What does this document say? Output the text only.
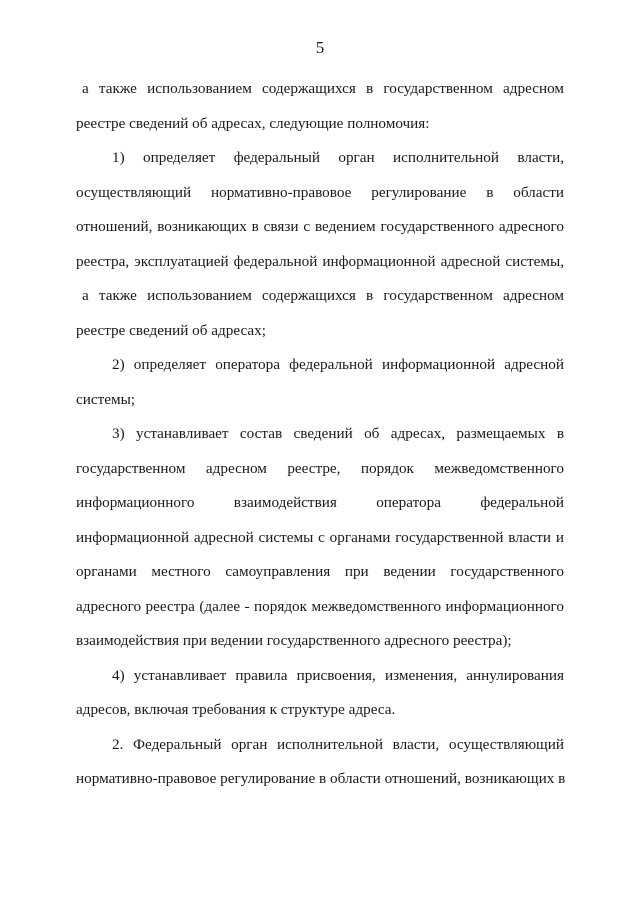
5
а также использованием содержащихся в государственном адресном
реестре сведений об адресах, следующие полномочия:
1) определяет федеральный орган исполнительной власти,
осуществляющий нормативно-правовое регулирование в области
отношений, возникающих в связи с ведением государственного адресного
реестра, эксплуатацией федеральной информационной адресной системы,
а также использованием содержащихся в государственном адресном
реестре сведений об адресах;
2) определяет оператора федеральной информационной адресной
системы;
3) устанавливает состав сведений об адресах, размещаемых в
государственном адресном реестре, порядок межведомственного
информационного взаимодействия оператора федеральной
информационной адресной системы с органами государственной власти и
органами местного самоуправления при ведении государственного
адресного реестра (далее - порядок межведомственного информационного
взаимодействия при ведении государственного адресного реестра);
4) устанавливает правила присвоения, изменения, аннулирования
адресов, включая требования к структуре адреса.
2. Федеральный орган исполнительной власти, осуществляющий
нормативно-правовое регулирование в области отношений, возникающих в
